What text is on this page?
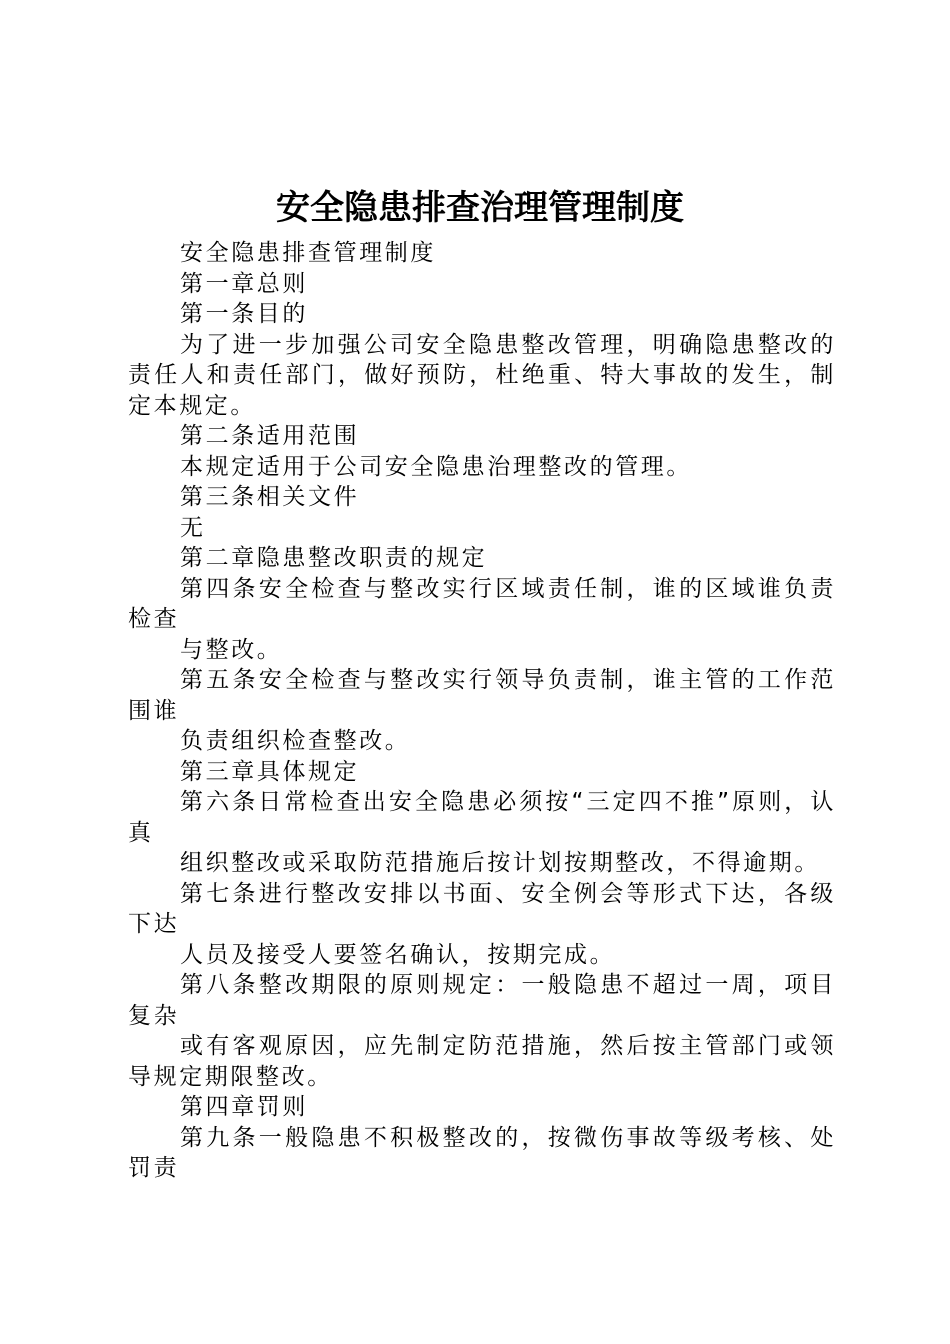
安全隐患排查治理管理制度

安全隐患排查管理制度

第一章总则

第一条目的

为了进一步加强公司安全隐患整改管理，明确隐患整改的责任人和责任部门，做好预防，杜绝重、特大事故的发生，制定本规定。

第二条适用范围

本规定适用于公司安全隐患治理整改的管理。

第三条相关文件

无

第二章隐患整改职责的规定

第四条安全检查与整改实行区域责任制，谁的区域谁负责检查

与整改。

第五条安全检查与整改实行领导负责制，谁主管的工作范围谁

负责组织检查整改。

第三章具体规定

第六条日常检查出安全隐患必须按“三定四不推”原则，认真

组织整改或采取防范措施后按计划按期整改，不得逾期。

第七条进行整改安排以书面、安全例会等形式下达，各级下达

人员及接受人要签名确认，按期完成。

第八条整改期限的原则规定：一般隐患不超过一周，项目复杂

或有客观原因，应先制定防范措施，然后按主管部门或领导规定期限整改。

第四章罚则

第九条一般隐患不积极整改的，按微伤事故等级考核、处罚责
